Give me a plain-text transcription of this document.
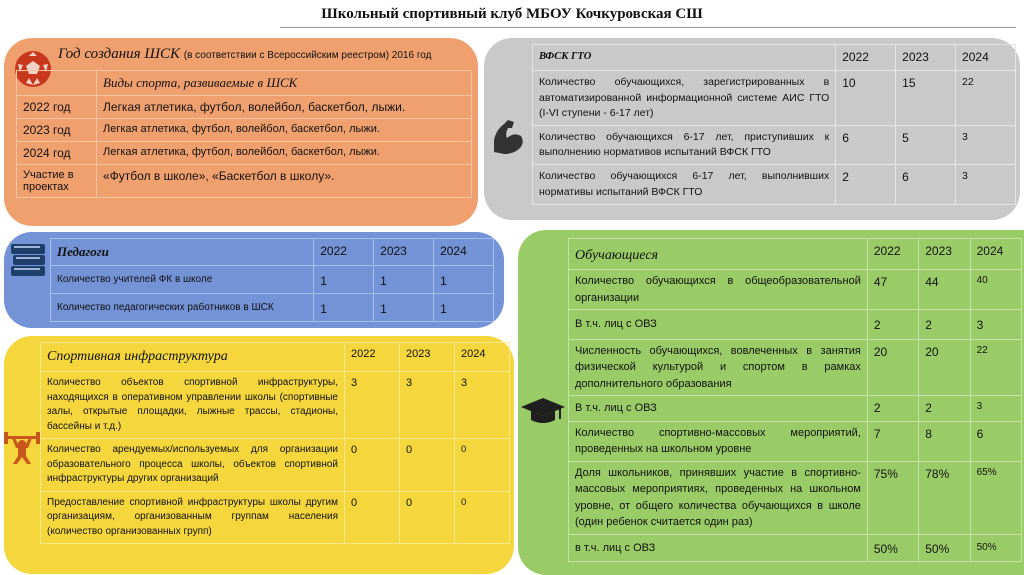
Школьный спортивный клуб МБОУ Кочкуровская СШ
Год создания ШСК (в соответствии с Всероссийским реестром) 2016 год
	Виды спорта, развиваемые в ШСК
2022 год	Легкая атлетика, футбол, волейбол, баскетбол, лыжи.
2023 год	Легкая атлетика, футбол, волейбол, баскетбол, лыжи.
2024 год	Легкая атлетика, футбол, волейбол, баскетбол, лыжи.
Участие в проектах	«Футбол в школе», «Баскетбол в школу».
ВФСК ГТО	2022	2023	2024
Количество обучающихся, зарегистрированных в автоматизированной информационной системе АИС ГТО (I-VI ступени - 6-17 лет)	10	15	22
Количество обучающихся 6-17 лет, приступивших к выполнению нормативов испытаний ВФСК ГТО	6	5	3
Количество обучающихся 6-17 лет, выполнивших нормативы испытаний ВФСК ГТО	2	6	3
Педагоги	2022	2023	2024
Количество учителей ФК в школе	1	1	1
Количество педагогических работников в ШСК	1	1	1
Спортивная инфраструктура	2022	2023	2024
Количество объектов спортивной инфраструктуры, находящихся в оперативном управлении школы (спортивные залы, открытые площадки, лыжные трассы, стадионы, бассейны и т.д.)	3	3	3
Количество арендуемых/используемых для организации образовательного процесса школы, объектов спортивной инфраструктуры других организаций	0	0	0
Предоставление спортивной инфраструктуры школы другим организациям, организованным группам населения (количество организованных групп)	0	0	0
Обучающиеся	2022	2023	2024
Количество обучающихся в общеобразовательной организации	47	44	40
В т.ч. лиц с ОВЗ	2	2	3
Численность обучающихся, вовлеченных в занятия физической культурой и спортом в рамках дополнительного образования	20	20	22
В т.ч. лиц с ОВЗ	2	2	3
Количество спортивно-массовых мероприятий, проведенных на школьном уровне	7	8	6
Доля школьников, принявших участие в спортивно-массовых мероприятиях, проведенных на школьном уровне, от общего количества обучающихся в школе (один ребенок считается один раз)	75%	78%	65%
в т.ч. лиц с ОВЗ	50%	50%	50%
